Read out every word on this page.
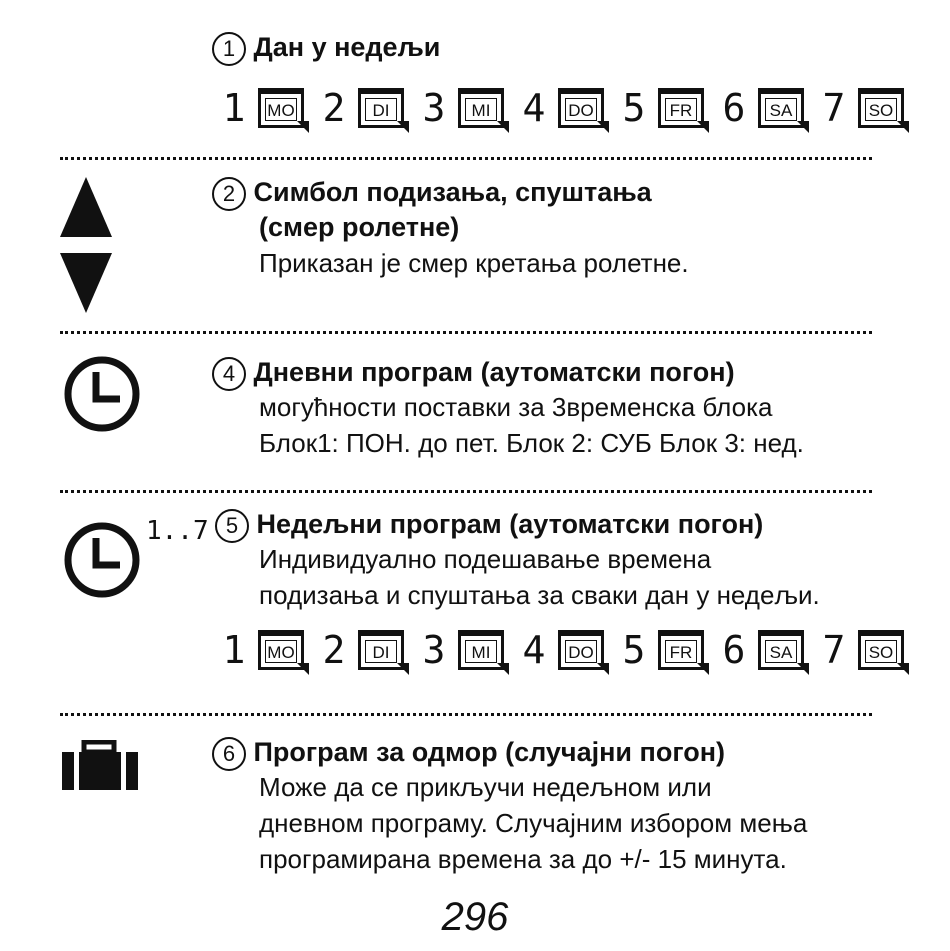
1 Дан у недељи
1 MO 2	DI 3	MI 4 DO 5 FR 6 SA 7 SO
2 Симбол подизања, спуштања
(смер ролетне)
Приказан је смер кретања ролетне.
4 Дневни програм (аутоматски погон)
могућности поставки за 3временска блока
Блок1: ПОН. до пет. Блок 2: СУБ Блок 3: нед.
1..7 5 Недељни програм (аутоматски погон)
Индивидуално подешавање времена
подизања и спуштања за сваки дан у недељи.
1 MO 2	DI 3	MI 4 DO 5 FR 6 SA 7 SO
6 Програм за одмор (случајни погон)
Може да се прикључи недељном или
дневном програму. Случајним избором мења
програмирана времена за до +/- 15 минута.
296
